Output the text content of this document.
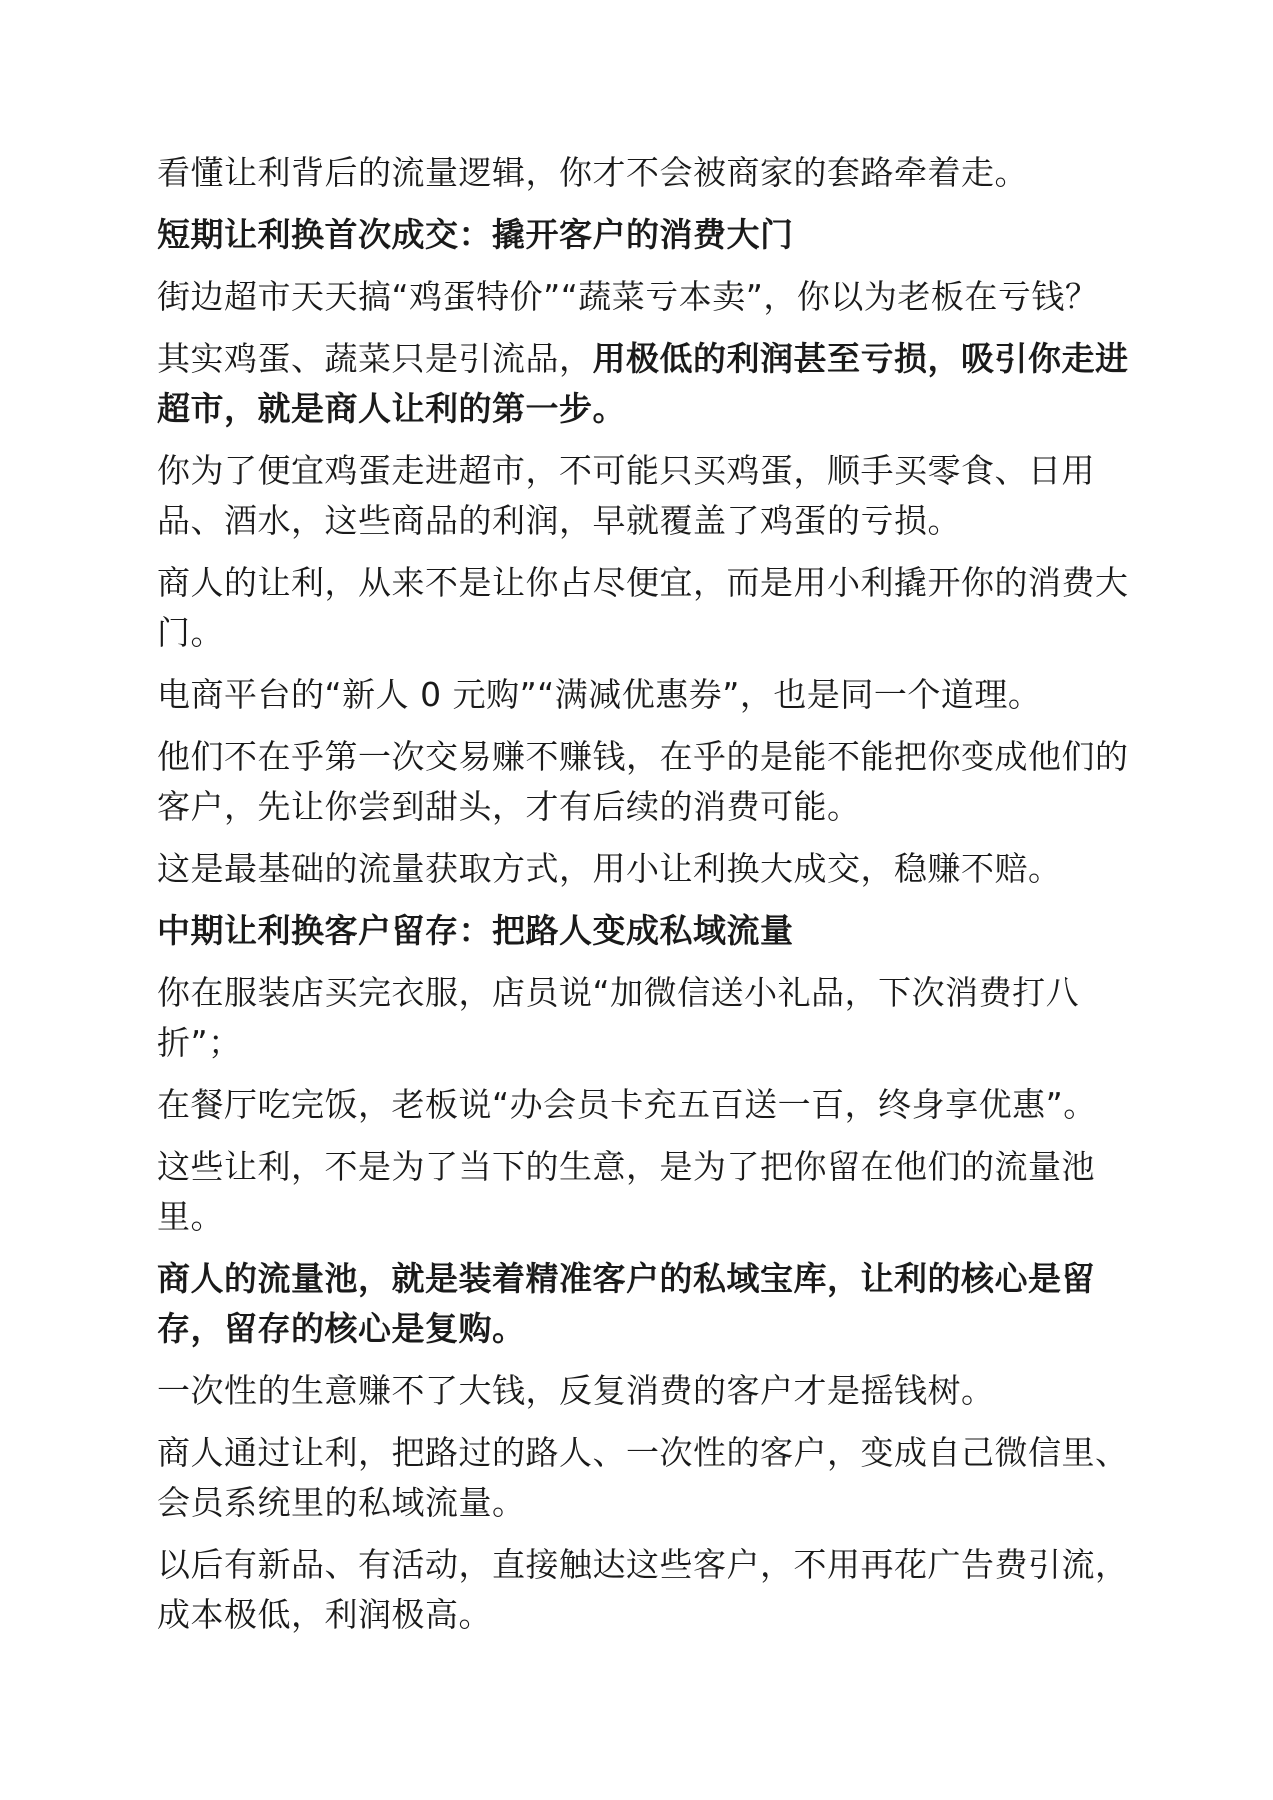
看懂让利背后的流量逻辑，你才不会被商家的套路牵着走。

短期让利换首次成交：撬开客户的消费大门

街边超市天天搞“鸡蛋特价”“蔬菜亏本卖”，你以为老板在亏钱？

其实鸡蛋、蔬菜只是引流品，用极低的利润甚至亏损，吸引你走进超市，就是商人让利的第一步。

你为了便宜鸡蛋走进超市，不可能只买鸡蛋，顺手买零食、日用品、酒水，这些商品的利润，早就覆盖了鸡蛋的亏损。

商人的让利，从来不是让你占尽便宜，而是用小利撬开你的消费大门。

电商平台的“新人 0 元购”“满减优惠券”，也是同一个道理。

他们不在乎第一次交易赚不赚钱，在乎的是能不能把你变成他们的客户，先让你尝到甜头，才有后续的消费可能。

这是最基础的流量获取方式，用小让利换大成交，稳赚不赔。

中期让利换客户留存：把路人变成私域流量

你在服装店买完衣服，店员说“加微信送小礼品，下次消费打八折”；

在餐厅吃完饭，老板说“办会员卡充五百送一百，终身享优惠”。

这些让利，不是为了当下的生意，是为了把你留在他们的流量池里。

商人的流量池，就是装着精准客户的私域宝库，让利的核心是留存，留存的核心是复购。

一次性的生意赚不了大钱，反复消费的客户才是摇钱树。

商人通过让利，把路过的路人、一次性的客户，变成自己微信里、会员系统里的私域流量。

以后有新品、有活动，直接触达这些客户，不用再花广告费引流，成本极低，利润极高。
